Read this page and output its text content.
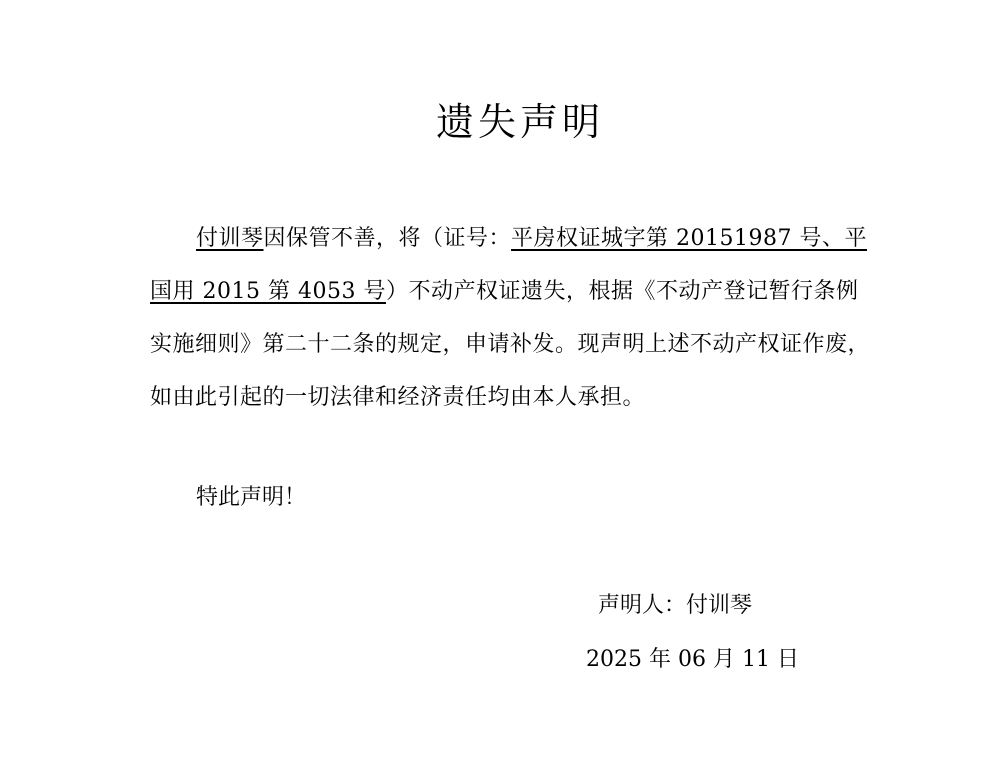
遗失声明

付训琴因保管不善，将（证号：平房权证城字第 20151987 号、平国用 2015 第 4053 号）不动产权证遗失，根据《不动产登记暂行条例实施细则》第二十二条的规定，申请补发。现声明上述不动产权证作废，如由此引起的一切法律和经济责任均由本人承担。

特此声明！
声明人：付训琴
2025 年 06 月 11 日
